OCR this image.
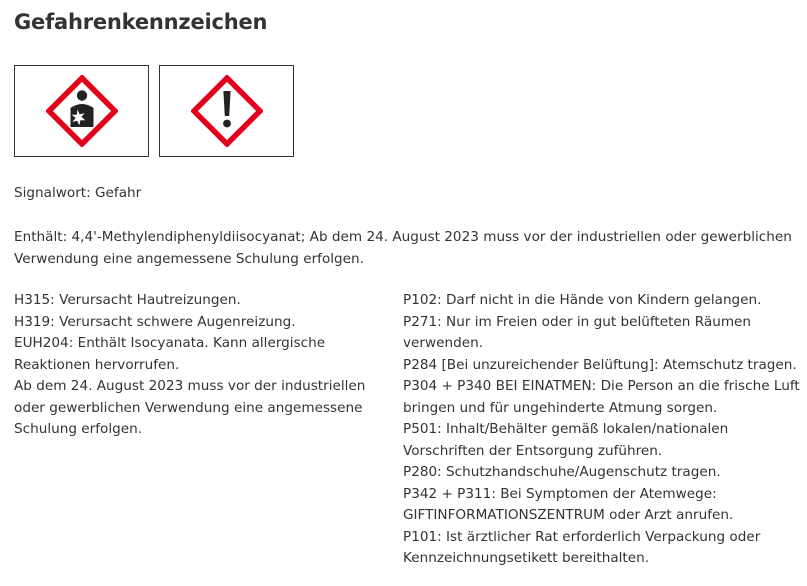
Gefahrenkennzeichen
Signalwort: Gefahr
Enthält: 4,4'-Methylendiphenyldiisocyanat; Ab dem 24. August 2023 muss vor der industriellen oder gewerblichen Verwendung eine angemessene Schulung erfolgen.
H315: Verursacht Hautreizungen.
H319: Verursacht schwere Augenreizung.
EUH204: Enthält Isocyanata. Kann allergische Reaktionen hervorrufen.
Ab dem 24. August 2023 muss vor der industriellen oder gewerblichen Verwendung eine angemessene Schulung erfolgen.
P102: Darf nicht in die Hände von Kindern gelangen.
P271: Nur im Freien oder in gut belüfteten Räumen verwenden.
P284 [Bei unzureichender Belüftung]: Atemschutz tragen.
P304 + P340 BEI EINATMEN: Die Person an die frische Luft bringen und für ungehinderte Atmung sorgen.
P501: Inhalt/Behälter gemäß lokalen/nationalen Vorschriften der Entsorgung zuführen.
P280: Schutzhandschuhe/Augenschutz tragen.
P342 + P311: Bei Symptomen der Atemwege: GIFTINFORMATIONSZENTRUM oder Arzt anrufen.
P101: Ist ärztlicher Rat erforderlich Verpackung oder Kennzeichnungsetikett bereithalten.
